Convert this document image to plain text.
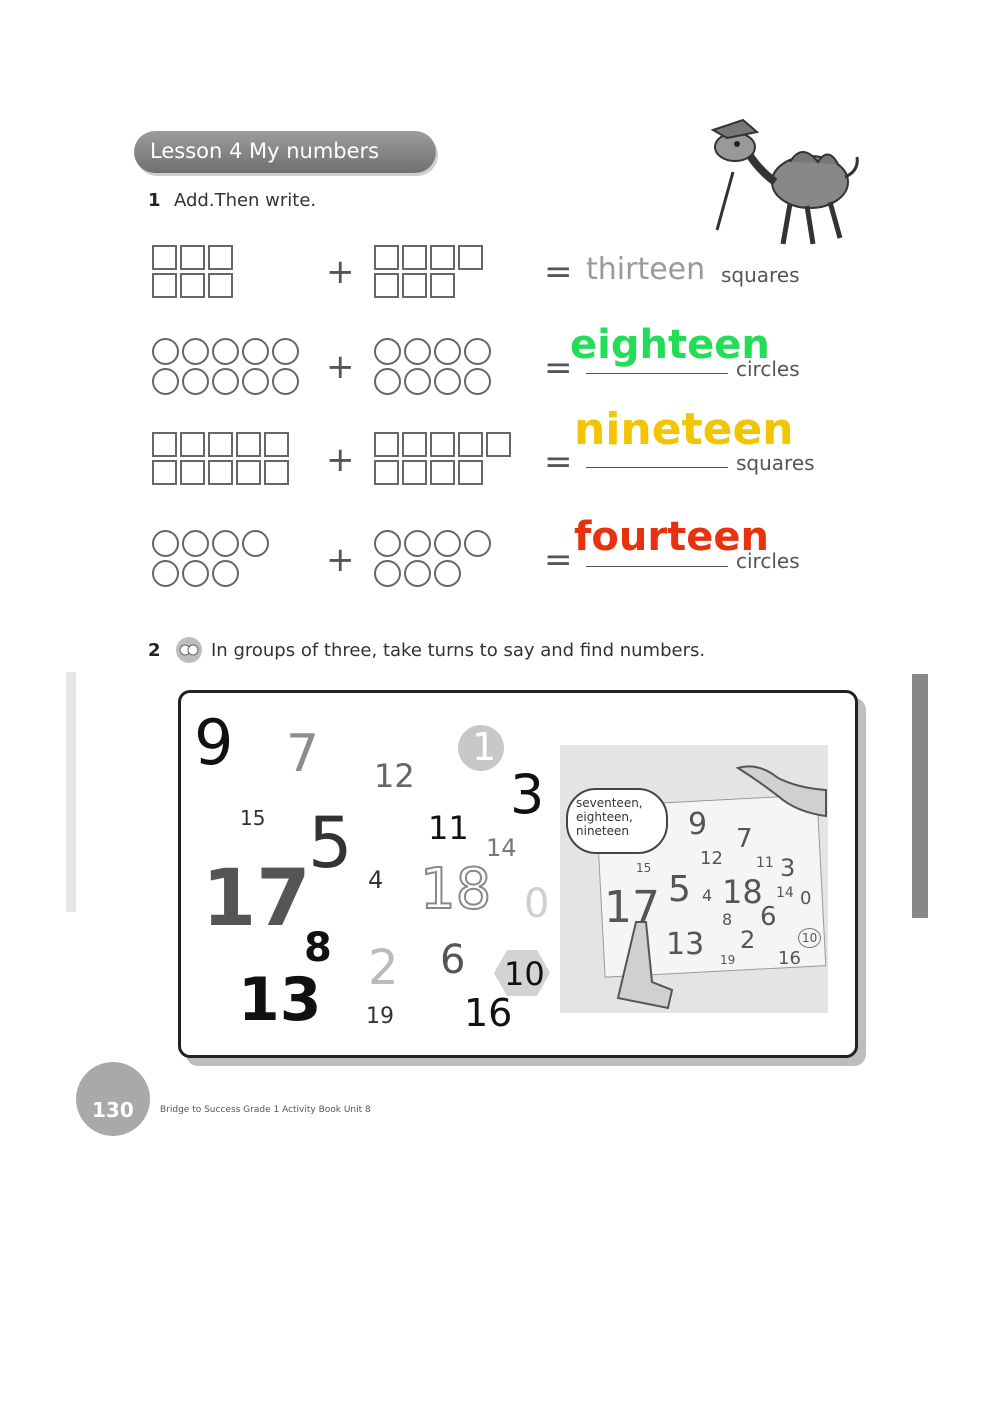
Lesson 4 My numbers
1 Add.Then write.
+	= thirteen squares
+	=
eighteen
circles
+	=
nineteen
squares
+	= fourteen
circles
2	In groups of three, take turns to say and find numbers.
9 7 12
1
3
15 5 11
14
17 4 18 0
8 2 6 10
13 19 16
seventeen, eighteen, nineteen	9 7
12 11 3
15
5 4 18 14 0
17	8 6
10
13 2
19 16
130	Bridge to Success Grade 1 Activity Book Unit 8
